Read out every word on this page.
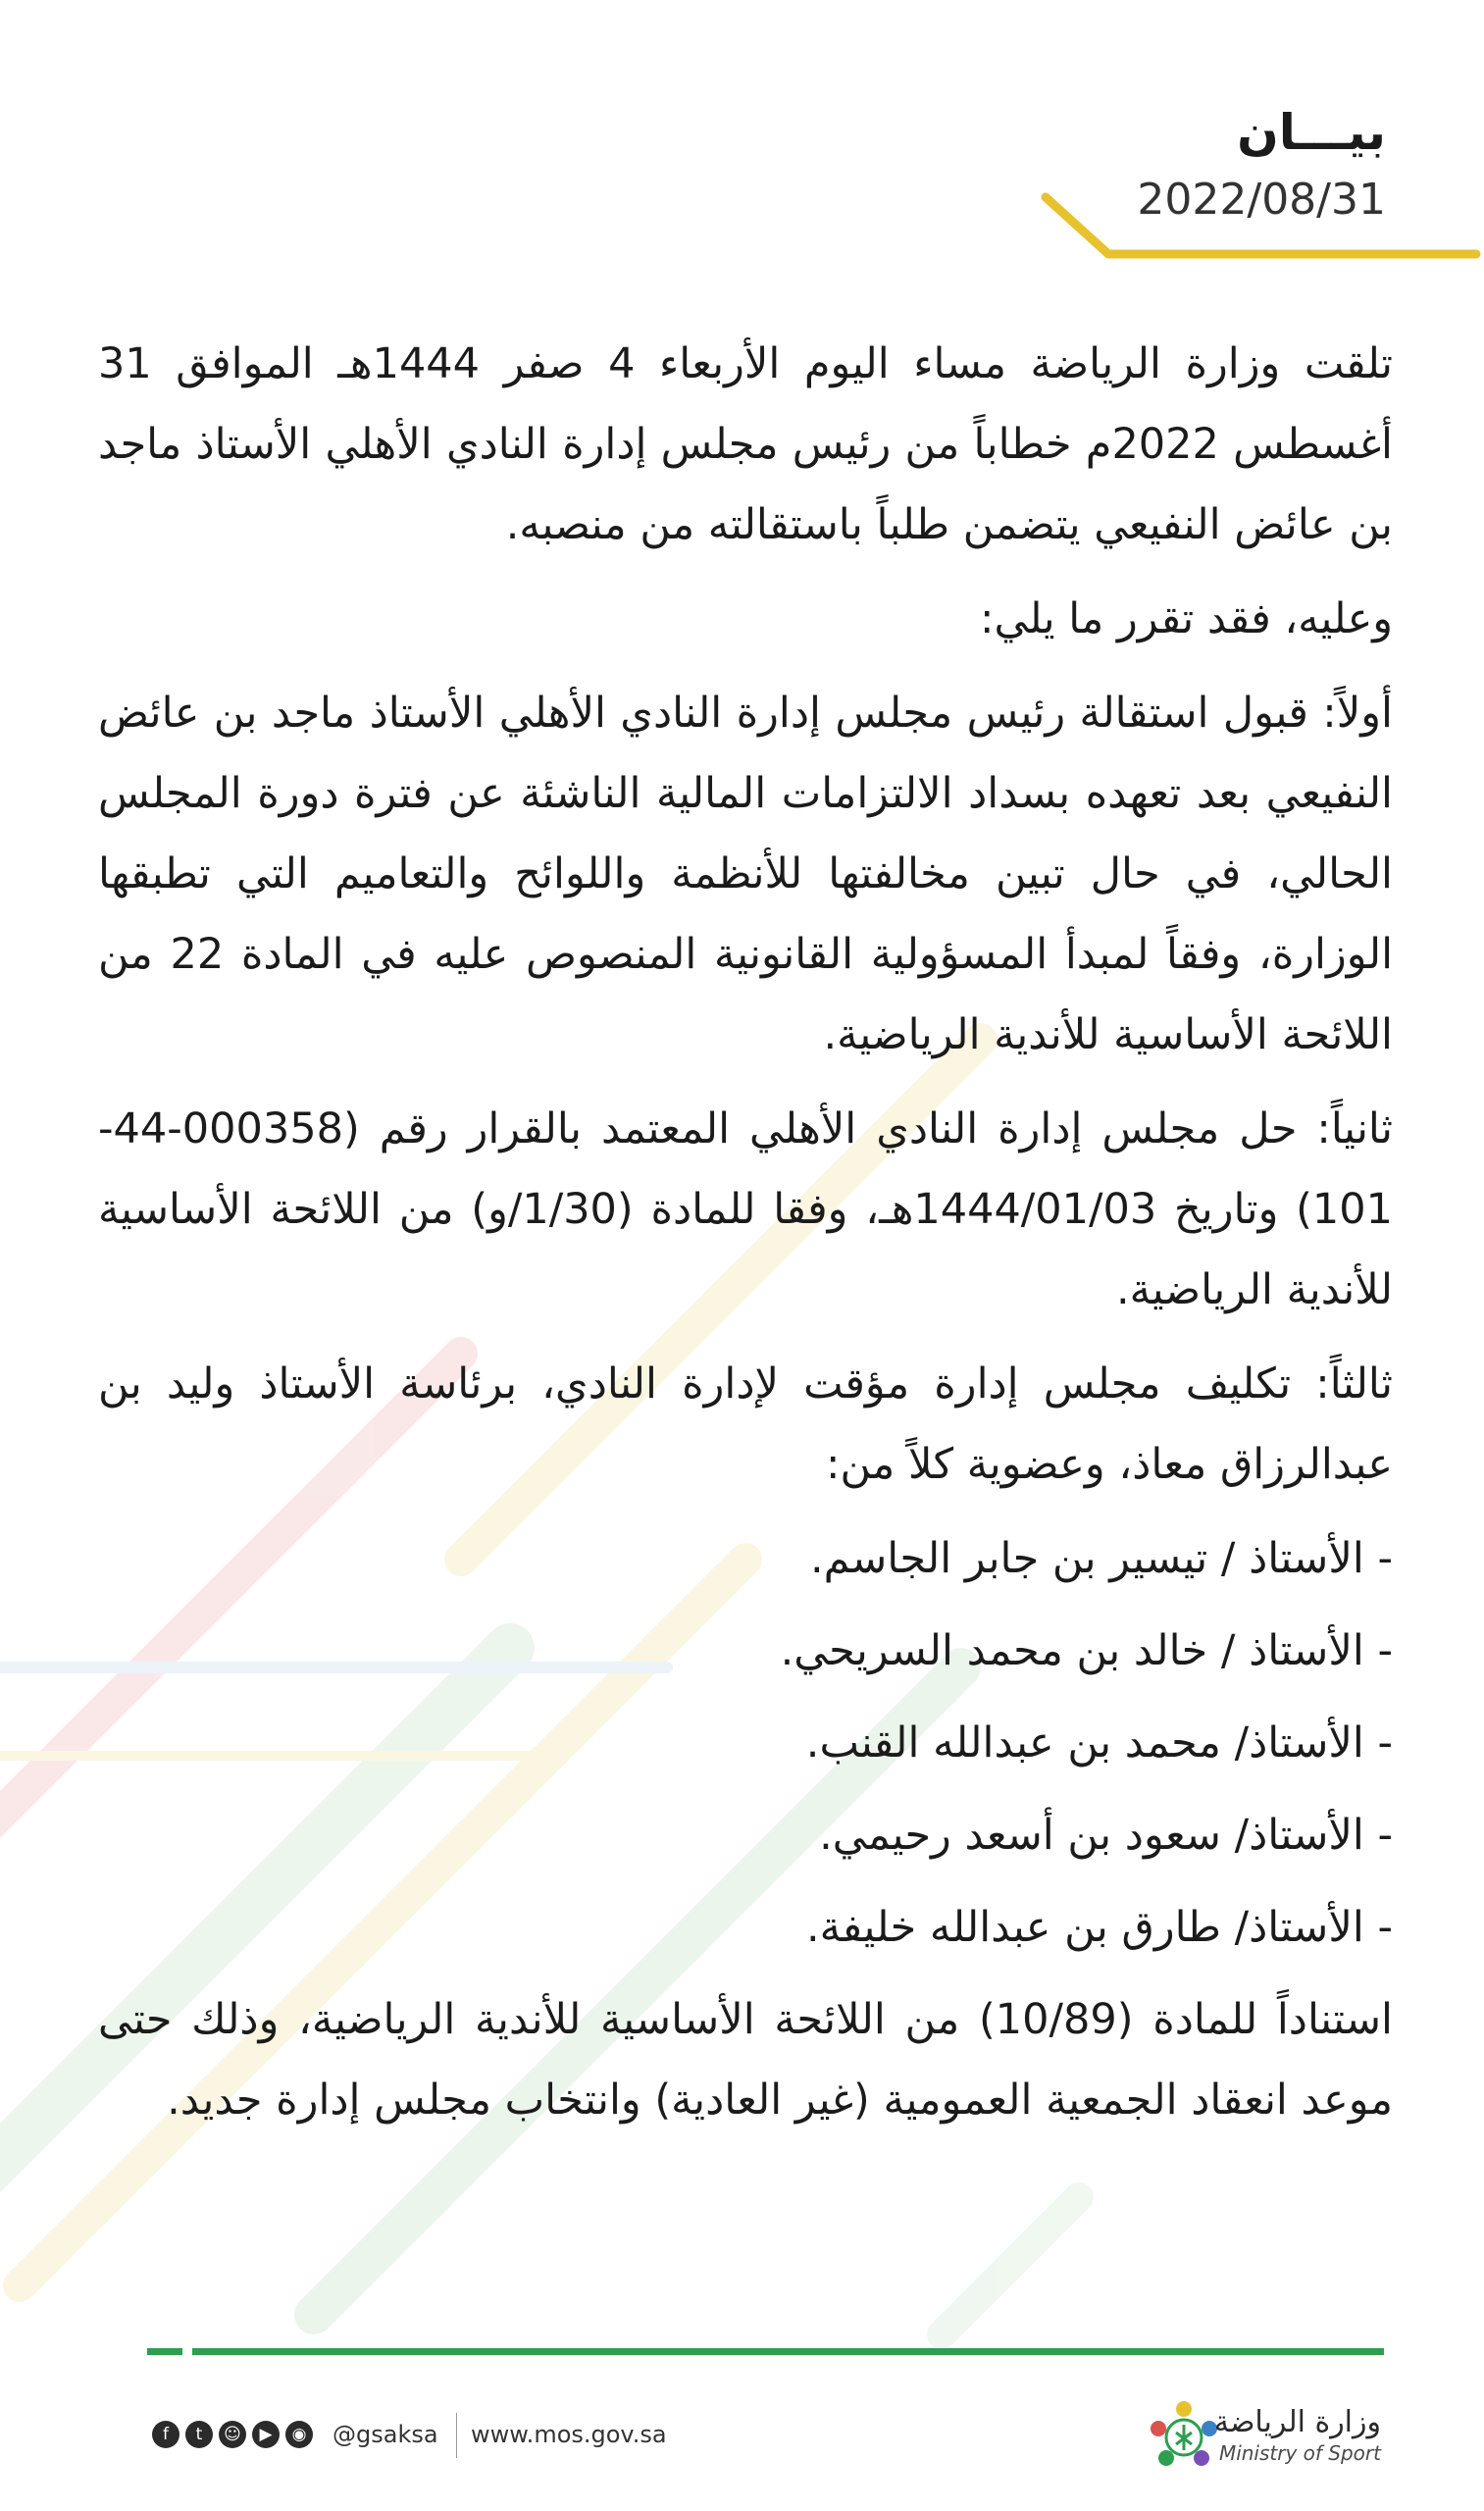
بيـــان
2022/08/31

تلقت وزارة الرياضة مساء اليوم الأربعاء 4 صفر 1444هـ الموافق 31 أغسطس 2022م خطاباً من رئيس مجلس إدارة النادي الأهلي الأستاذ ماجد بن عائض النفيعي يتضمن طلباً باستقالته من منصبه.

وعليه، فقد تقرر ما يلي:

أولاً: قبول استقالة رئيس مجلس إدارة النادي الأهلي الأستاذ ماجد بن عائض النفيعي بعد تعهده بسداد الالتزامات المالية الناشئة عن فترة دورة المجلس الحالي، في حال تبين مخالفتها للأنظمة واللوائح والتعاميم التي تطبقها الوزارة، وفقاً لمبدأ المسؤولية القانونية المنصوص عليه في المادة 22 من اللائحة الأساسية للأندية الرياضية.

ثانياً: حل مجلس إدارة النادي الأهلي المعتمد بالقرار رقم (000358-44-101) وتاريخ 1444/01/03هـ، وفقا للمادة (1/30/و) من اللائحة الأساسية للأندية الرياضية.

ثالثاً: تكليف مجلس إدارة مؤقت لإدارة النادي، برئاسة الأستاذ وليد بن عبدالرزاق معاذ، وعضوية كلاً من:

- الأستاذ / تيسير بن جابر الجاسم.
- الأستاذ / خالد بن محمد السريحي.
- الأستاذ/ محمد بن عبدالله القنب.
- الأستاذ/ سعود بن أسعد رحيمي.
- الأستاذ/ طارق بن عبدالله خليفة.

استناداً للمادة (10/89) من اللائحة الأساسية للأندية الرياضية، وذلك حتى موعد انعقاد الجمعية العمومية (غير العادية) وانتخاب مجلس إدارة جديد.

f	t	☺	▶	◉ @gsaksa www.mos.gov.sa	وزارة الرياضة
Ministry of Sport
